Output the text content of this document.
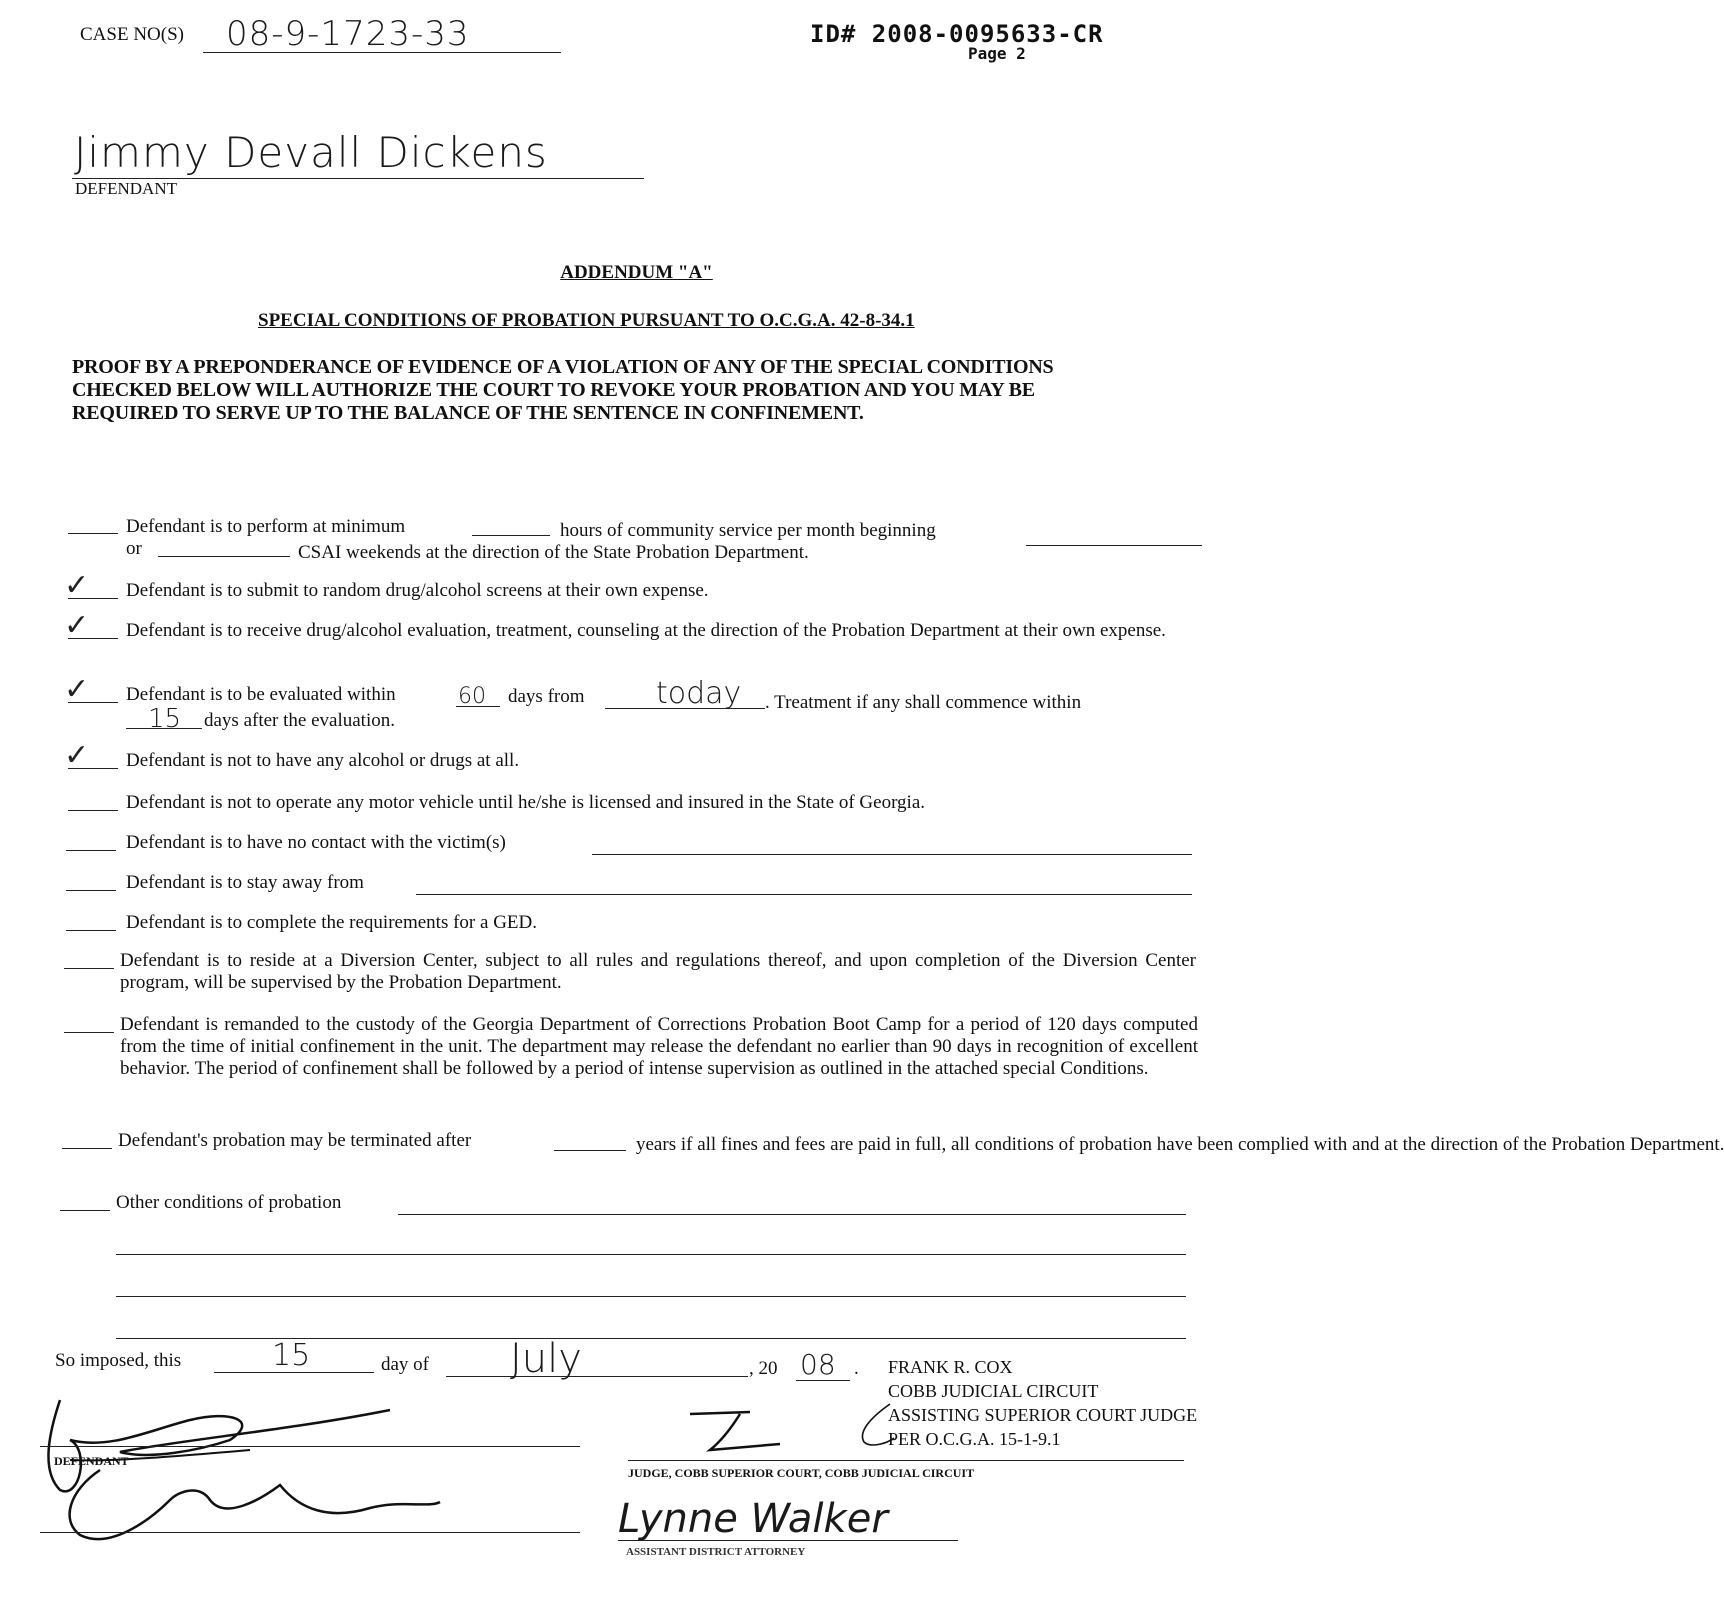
CASE NO(S) 08-9-1723-33	ID# 2008-0095633-CR
Page 2
Jimmy Devall Dickens
DEFENDANT
ADDENDUM "A"
SPECIAL CONDITIONS OF PROBATION PURSUANT TO O.C.G.A. 42-8-34.1
PROOF BY A PREPONDERANCE OF EVIDENCE OF A VIOLATION OF ANY OF THE SPECIAL CONDITIONS CHECKED BELOW WILL AUTHORIZE THE COURT TO REVOKE YOUR PROBATION AND YOU MAY BE REQUIRED TO SERVE UP TO THE BALANCE OF THE SENTENCE IN CONFINEMENT.
Defendant is to perform at minimum	hours of community service per month beginning
or	CSAI weekends at the direction of the State Probation Department.
✓ Defendant is to submit to random drug/alcohol screens at their own expense.
✓ Defendant is to receive drug/alcohol evaluation, treatment, counseling at the direction of the Probation Department at their own expense.
✓ Defendant is to be evaluated within	60 days from today . Treatment if any shall commence within
15 days after the evaluation.
✓ Defendant is not to have any alcohol or drugs at all.
Defendant is not to operate any motor vehicle until he/she is licensed and insured in the State of Georgia.
Defendant is to have no contact with the victim(s)
Defendant is to stay away from
Defendant is to complete the requirements for a GED.
Defendant is to reside at a Diversion Center, subject to all rules and regulations thereof, and upon completion of the Diversion Center program, will be supervised by the Probation Department.
Defendant is remanded to the custody of the Georgia Department of Corrections Probation Boot Camp for a period of 120 days computed from the time of initial confinement in the unit. The department may release the defendant no earlier than 90 days in recognition of excellent behavior. The period of confinement shall be followed by a period of intense supervision as outlined in the attached special Conditions.
Defendant's probation may be terminated after	years if all fines and fees are paid in full, all conditions of probation have been complied with and at the direction of the Probation Department.
Other conditions of probation
So imposed, this	15	day of July	, 20 08 . FRANK R. COX
COBB JUDICIAL CIRCUIT
ASSISTING SUPERIOR COURT JUDGE
PER O.C.G.A. 15-1-9.1
DEFENDANT
JUDGE, COBB SUPERIOR COURT, COBB JUDICIAL CIRCUIT
Lynne Walker
ASSISTANT DISTRICT ATTORNEY
